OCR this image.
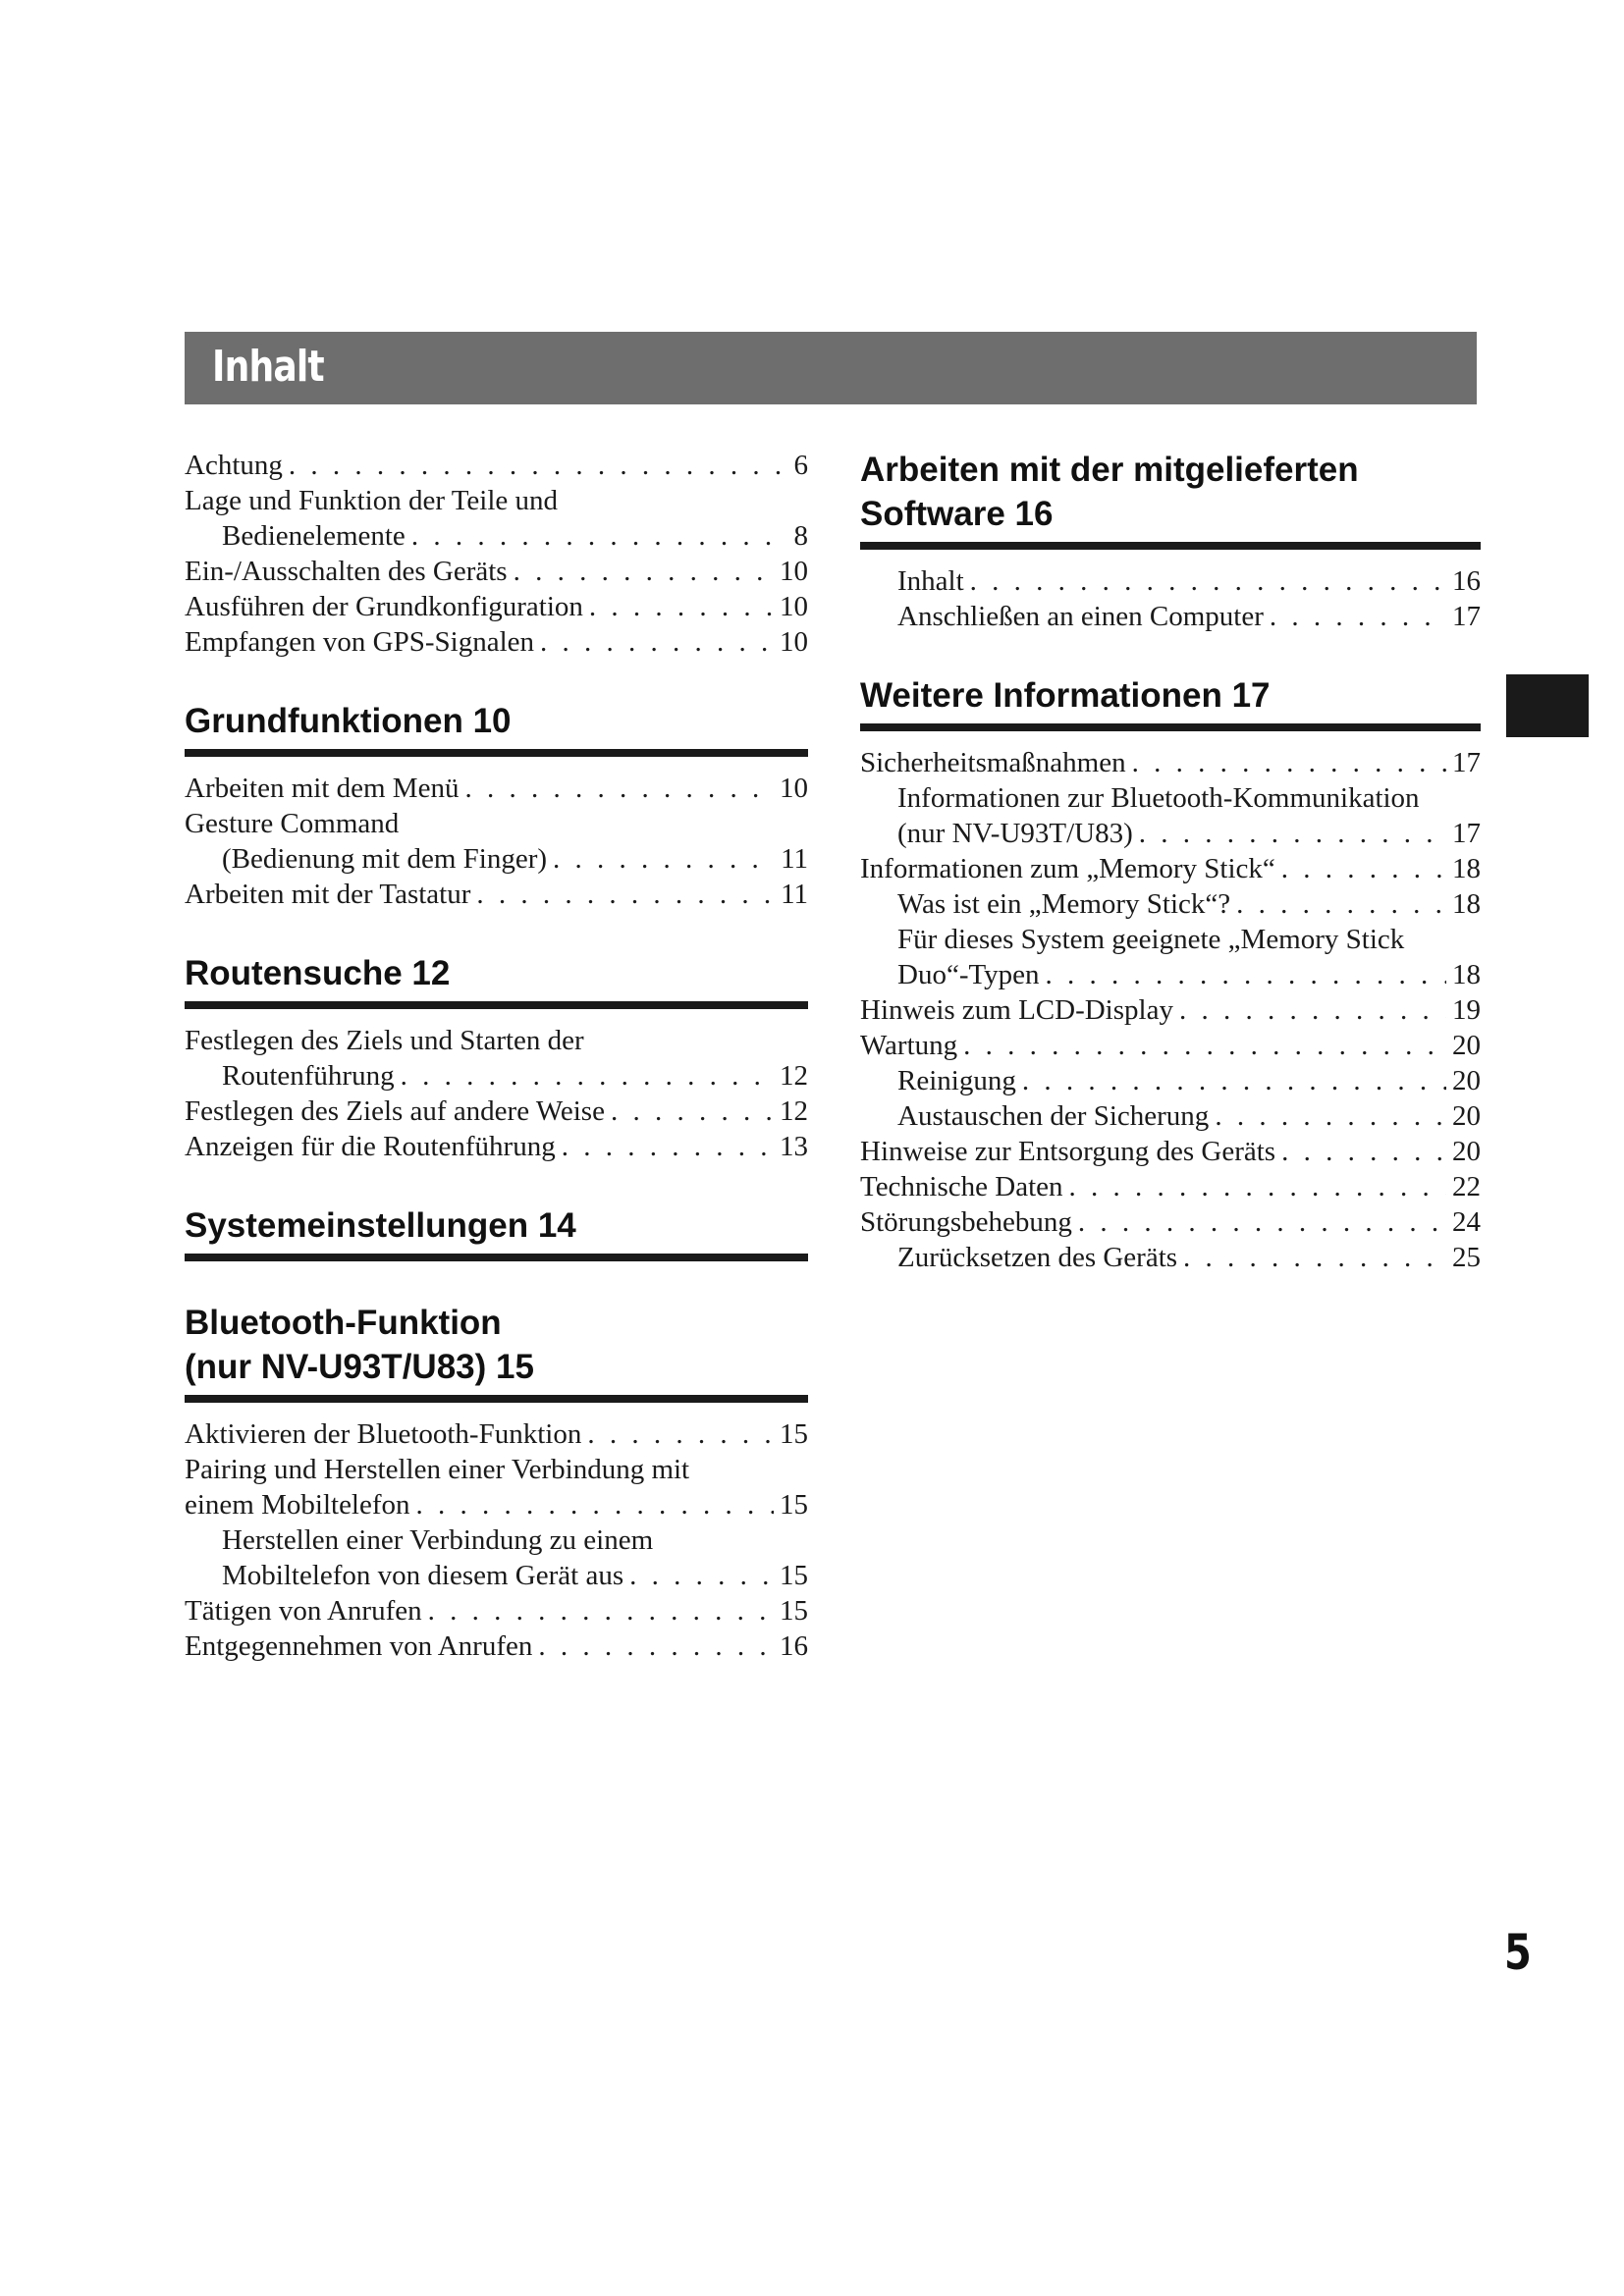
Inhalt
Achtung . . .	6
Lage und Funktion der Teile und
Bedienelemente . . .	8
Ein-/Ausschalten des Geräts . . .	10
Ausführen der Grundkonfiguration . . .	10
Empfangen von GPS-Signalen . . .	10
Grundfunktionen 10
Arbeiten mit dem Menü . . .	10
Gesture Command
(Bedienung mit dem Finger) . . .	11
Arbeiten mit der Tastatur . . .	11
Routensuche 12
Festlegen des Ziels und Starten der
Routenführung . . .	12
Festlegen des Ziels auf andere Weise . . .	12
Anzeigen für die Routenführung . . .	13
Systemeinstellungen 14
Bluetooth-Funktion
(nur NV-U93T/U83) 15
Aktivieren der Bluetooth-Funktion . . .	15
Pairing und Herstellen einer Verbindung mit
einem Mobiltelefon . . .	15
Herstellen einer Verbindung zu einem
Mobiltelefon von diesem Gerät aus . . .	15
Tätigen von Anrufen . . .	15
Entgegennehmen von Anrufen . . .	16
Arbeiten mit der mitgelieferten
Software 16
Inhalt . . .	16
Anschließen an einen Computer . . .	17
Weitere Informationen 17
Sicherheitsmaßnahmen . . .	17
Informationen zur Bluetooth-Kommunikation
(nur NV-U93T/U83) . . .	17
Informationen zum „Memory Stick“ . . .	18
Was ist ein „Memory Stick“? . . .	18
Für dieses System geeignete „Memory Stick
Duo“-Typen . . .	18
Hinweis zum LCD-Display . . .	19
Wartung . . .	20
Reinigung . . .	20
Austauschen der Sicherung . . .	20
Hinweise zur Entsorgung des Geräts . . .	20
Technische Daten . . .	22
Störungsbehebung . . .	24
Zurücksetzen des Geräts . . .	25
5
